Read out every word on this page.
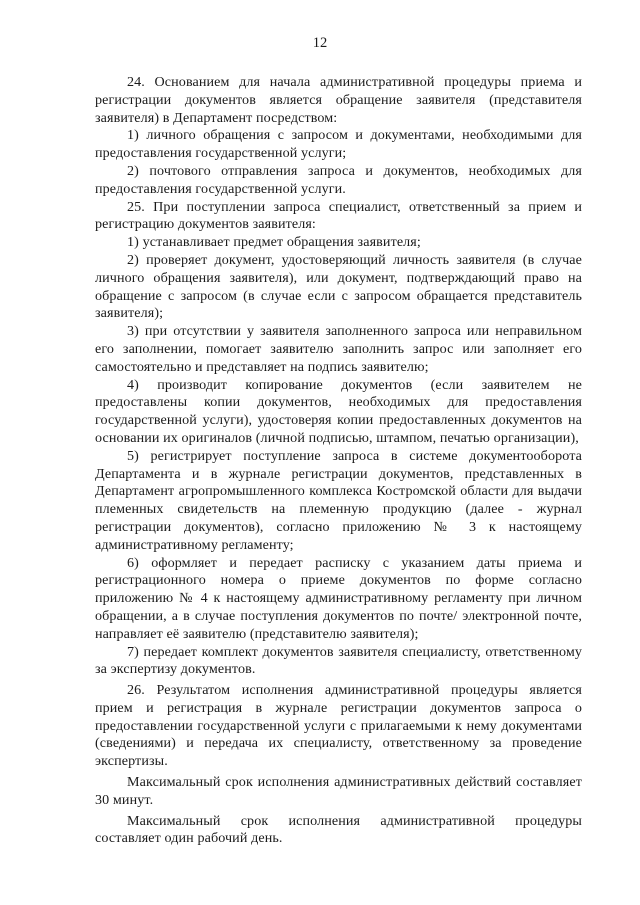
12

24. Основанием для начала административной процедуры приема и регистрации документов является обращение заявителя (представителя заявителя) в Департамент посредством:

1) личного обращения с запросом и документами, необходимыми для предоставления государственной услуги;

2) почтового отправления запроса и документов, необходимых для предоставления государственной услуги.

25. При поступлении запроса специалист, ответственный за прием и регистрацию документов заявителя:

1) устанавливает предмет обращения заявителя;

2) проверяет документ, удостоверяющий личность заявителя (в случае личного обращения заявителя), или документ, подтверждающий право на обращение с запросом (в случае если с запросом обращается представитель заявителя);

3) при отсутствии у заявителя заполненного запроса или неправильном его заполнении, помогает заявителю заполнить запрос или заполняет его самостоятельно и представляет на подпись заявителю;

4) производит копирование документов (если заявителем не предоставлены копии документов, необходимых для предоставления государственной услуги), удостоверяя копии предоставленных документов на основании их оригиналов (личной подписью, штампом, печатью организации),

5) регистрирует поступление запроса в системе документооборота Департамента и в журнале регистрации документов, представленных в Департамент агропромышленного комплекса Костромской области для выдачи племенных свидетельств на племенную продукцию (далее - журнал регистрации документов), согласно приложению № 3 к настоящему административному регламенту;

6) оформляет и передает расписку с указанием даты приема и регистрационного номера о приеме документов по форме согласно приложению № 4 к настоящему административному регламенту при личном обращении, а в случае поступления документов по почте/ электронной почте, направляет её заявителю (представителю заявителя);

7) передает комплект документов заявителя специалисту, ответственному за экспертизу документов.

26. Результатом исполнения административной процедуры является прием и регистрация в журнале регистрации документов запроса о предоставлении государственной услуги с прилагаемыми к нему документами (сведениями) и передача их специалисту, ответственному за проведение экспертизы.

Максимальный срок исполнения административных действий составляет 30 минут.

Максимальный срок исполнения административной процедуры составляет один рабочий день.
